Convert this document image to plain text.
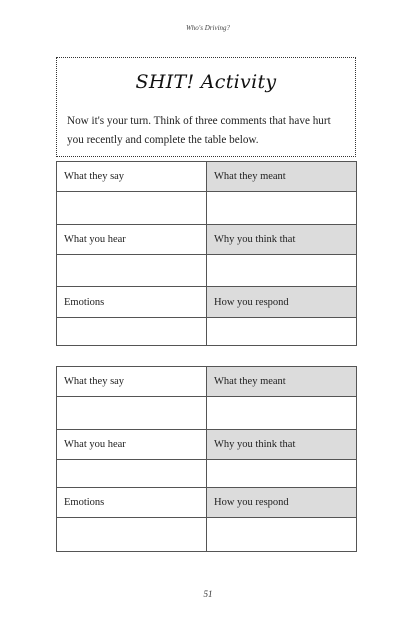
Who's Driving?
SHIT! Activity
Now it's your turn. Think of three comments that have hurt you recently and complete the table below.
What they say	What they meant

What you hear	Why you think that

Emotions	How you respond

What they say	What they meant

What you hear	Why you think that

Emotions	How you respond

51
